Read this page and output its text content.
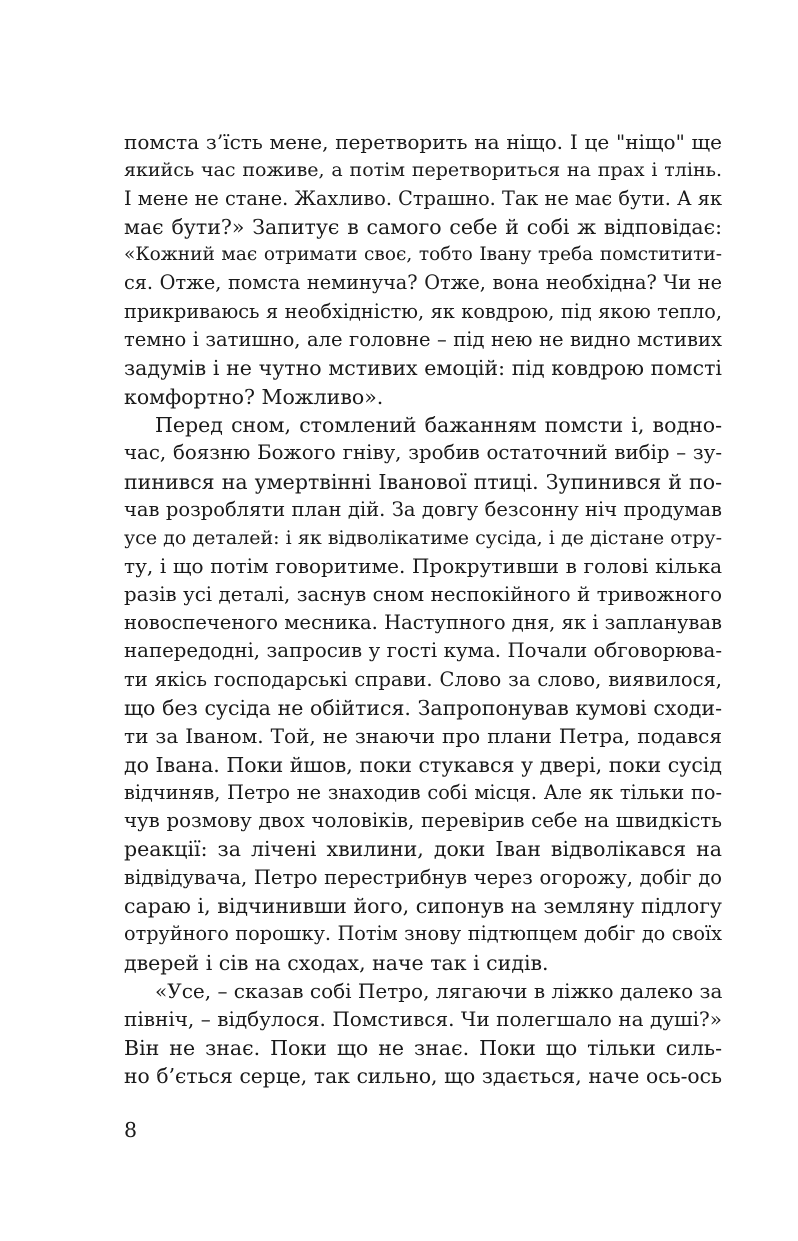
помста з’їсть мене, перетворить на ніщо. І це "ніщо" ще
якийсь час поживе, а потім перетвориться на прах і тлінь.
І мене не стане. Жахливо. Страшно. Так не має бути. А як
має бути?» Запитує в самого себе й собі ж відповідає:
«Кожний має отримати своє, тобто Івану треба помститити-
ся. Отже, помста неминуча? Отже, вона необхідна? Чи не
прикриваюсь я необхідністю, як ковдрою, під якою тепло,
темно і затишно, але головне – під нею не видно мстивих
задумів і не чутно мстивих емоцій: під ковдрою помсті
комфортно? Можливо».
Перед сном, стомлений бажанням помсти і, водно-
час, боязню Божого гніву, зробив остаточний вибір – зу-
пинився на умертвінні Іванової птиці. Зупинився й по-
чав розробляти план дій. За довгу безсонну ніч продумав
усе до деталей: і як відволікатиме сусіда, і де дістане отру-
ту, і що потім говоритиме. Прокрутивши в голові кілька
разів усі деталі, заснув сном неспокійного й тривожного
новоспеченого месника. Наступного дня, як і запланував
напередодні, запросив у гості кума. Почали обговорюва-
ти якісь господарські справи. Слово за слово, виявилося,
що без сусіда не обійтися. Запропонував кумові сходи-
ти за Іваном. Той, не знаючи про плани Петра, подався
до Івана. Поки йшов, поки стукався у двері, поки сусід
відчиняв, Петро не знаходив собі місця. Але як тільки по-
чув розмову двох чоловіків, перевірив себе на швидкість
реакції: за лічені хвилини, доки Іван відволікався на
відвідувача, Петро перестрибнув через огорожу, добіг до
сараю і, відчинивши його, сипонув на земляну підлогу
отруйного порошку. Потім знову підтюпцем добіг до своїх
дверей і сів на сходах, наче так і сидів.
«Усе, – сказав собі Петро, лягаючи в ліжко далеко за
північ, – відбулося. Помстився. Чи полегшало на душі?»
Він не знає. Поки що не знає. Поки що тільки силь-
но б’ється серце, так сильно, що здається, наче ось-ось
8
